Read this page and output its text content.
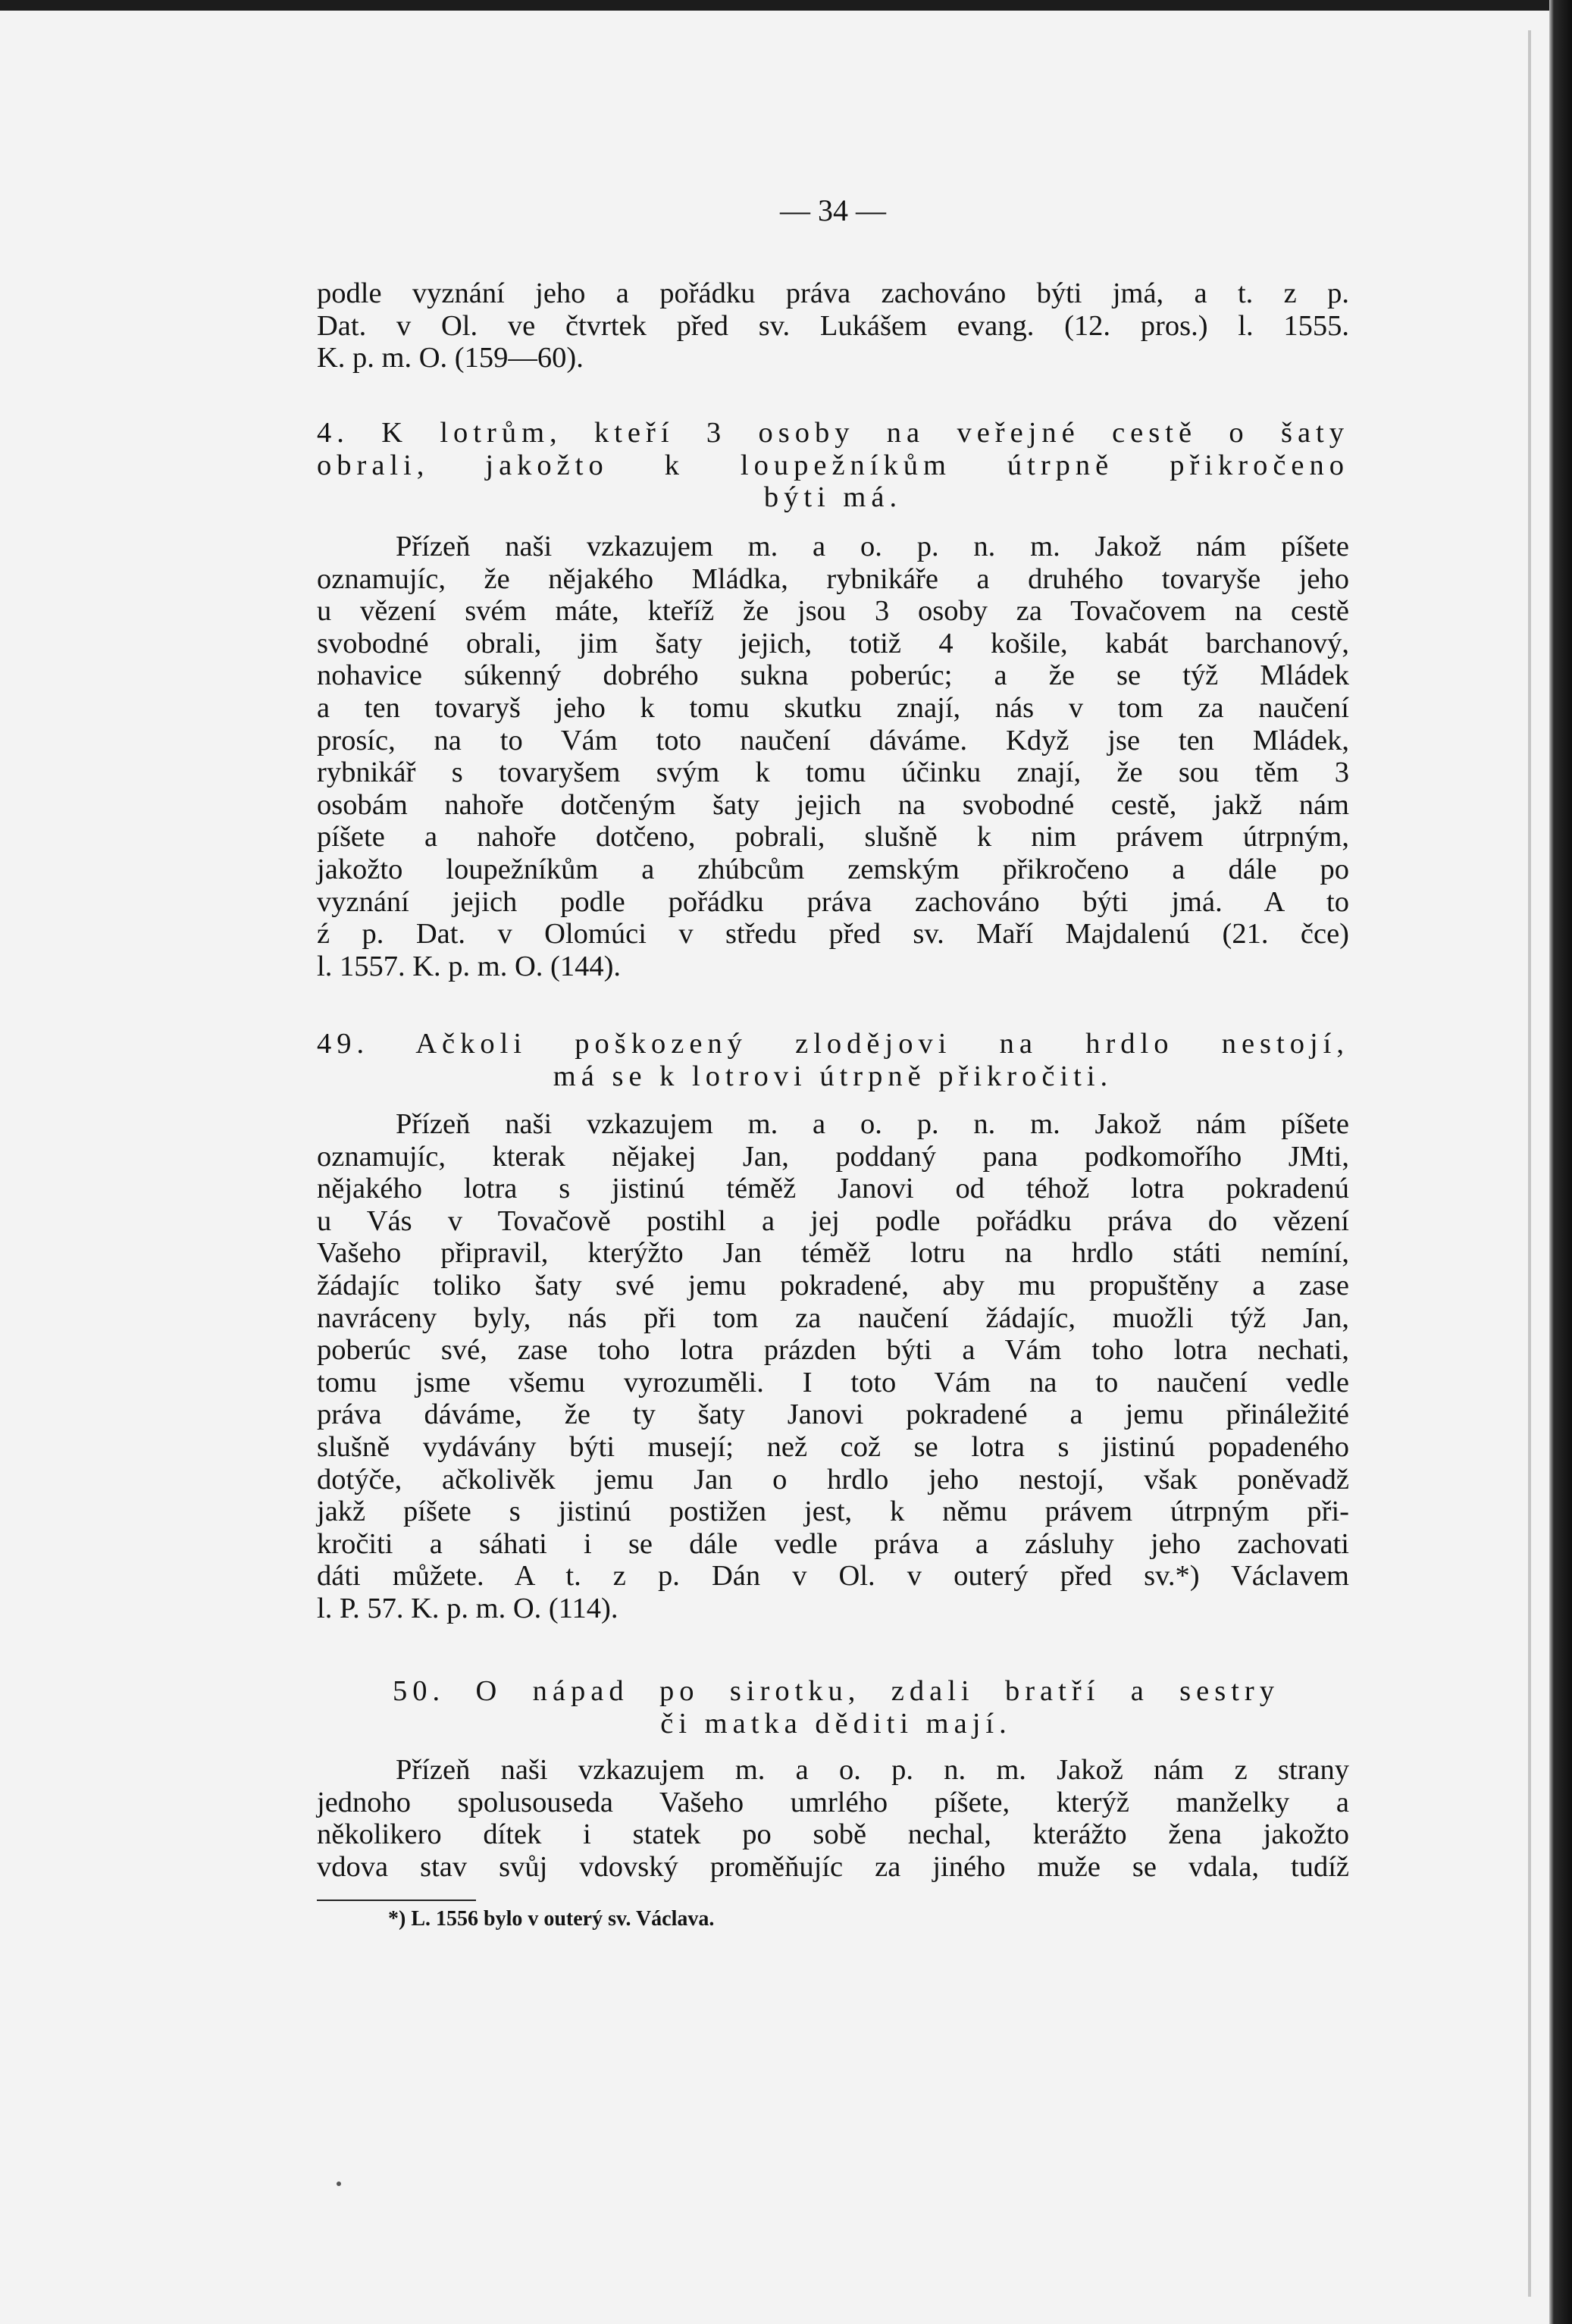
— 34 —
podle vyznání jeho a pořádku práva zachováno býti jmá, a t. z p.
Dat. v Ol. ve čtvrtek před sv. Lukášem evang. (12. pros.) l. 1555.
K. p. m. O. (159—60).
4. K lotrům, kteří 3 osoby na veřejné cestě o šaty
obrali, jakožto k loupežníkům útrpně přikročeno
býti má.
Přízeň naši vzkazujem m. a o. p. n. m. Jakož nám píšete
oznamujíc, že nějakého Mládka, rybnikáře a druhého tovaryše jeho
u vězení svém máte, kteříž že jsou 3 osoby za Tovačovem na cestě
svobodné obrali, jim šaty jejich, totiž 4 košile, kabát barchanový,
nohavice súkenný dobrého sukna poberúc; a že se týž Mládek
a ten tovaryš jeho k tomu skutku znají, nás v tom za naučení
prosíc, na to Vám toto naučení dáváme. Když jse ten Mládek,
rybnikář s tovaryšem svým k tomu účinku znají, že sou těm 3
osobám nahoře dotčeným šaty jejich na svobodné cestě, jakž nám
píšete a nahoře dotčeno, pobrali, slušně k nim právem útrpným,
jakožto loupežníkům a zhúbcům zemským přikročeno a dále po
vyznání jejich podle pořádku práva zachováno býti jmá. A to
ź p. Dat. v Olomúci v středu před sv. Maří Majdalenú (21. čce)
l. 1557. K. p. m. O. (144).
49. Ačkoli poškozený zlodějovi na hrdlo nestojí,
má se k lotrovi útrpně přikročiti.
Přízeň naši vzkazujem m. a o. p. n. m. Jakož nám píšete
oznamujíc, kterak nějakej Jan, poddaný pana podkomořího JMti,
nějakého lotra s jistinú téměž Janovi od téhož lotra pokradenú
u Vás v Tovačově postihl a jej podle pořádku práva do vězení
Vašeho připravil, kterýžto Jan téměž lotru na hrdlo státi nemíní,
žádajíc toliko šaty své jemu pokradené, aby mu propuštěny a zase
navráceny byly, nás při tom za naučení žádajíc, muožli týž Jan,
poberúc své, zase toho lotra prázden býti a Vám toho lotra nechati,
tomu jsme všemu vyrozuměli. I toto Vám na to naučení vedle
práva dáváme, že ty šaty Janovi pokradené a jemu přináležité
slušně vydávány býti musejí; než což se lotra s jistinú popadeného
dotýče, ačkolivěk jemu Jan o hrdlo jeho nestojí, však poněvadž
jakž píšete s jistinú postižen jest, k němu právem útrpným při-
kročiti a sáhati i se dále vedle práva a zásluhy jeho zachovati
dáti můžete. A t. z p. Dán v Ol. v outerý před sv.*) Václavem
l. P. 57. K. p. m. O. (114).
50. O nápad po sirotku, zdali bratří a sestry
či matka děditi mají.
Přízeň naši vzkazujem m. a o. p. n. m. Jakož nám z strany
jednoho spolusouseda Vašeho umrlého píšete, kterýž manželky a
několikero dítek i statek po sobě nechal, kterážto žena jakožto
vdova stav svůj vdovský proměňujíc za jiného muže se vdala, tudíž
*) L. 1556 bylo v outerý sv. Václava.
